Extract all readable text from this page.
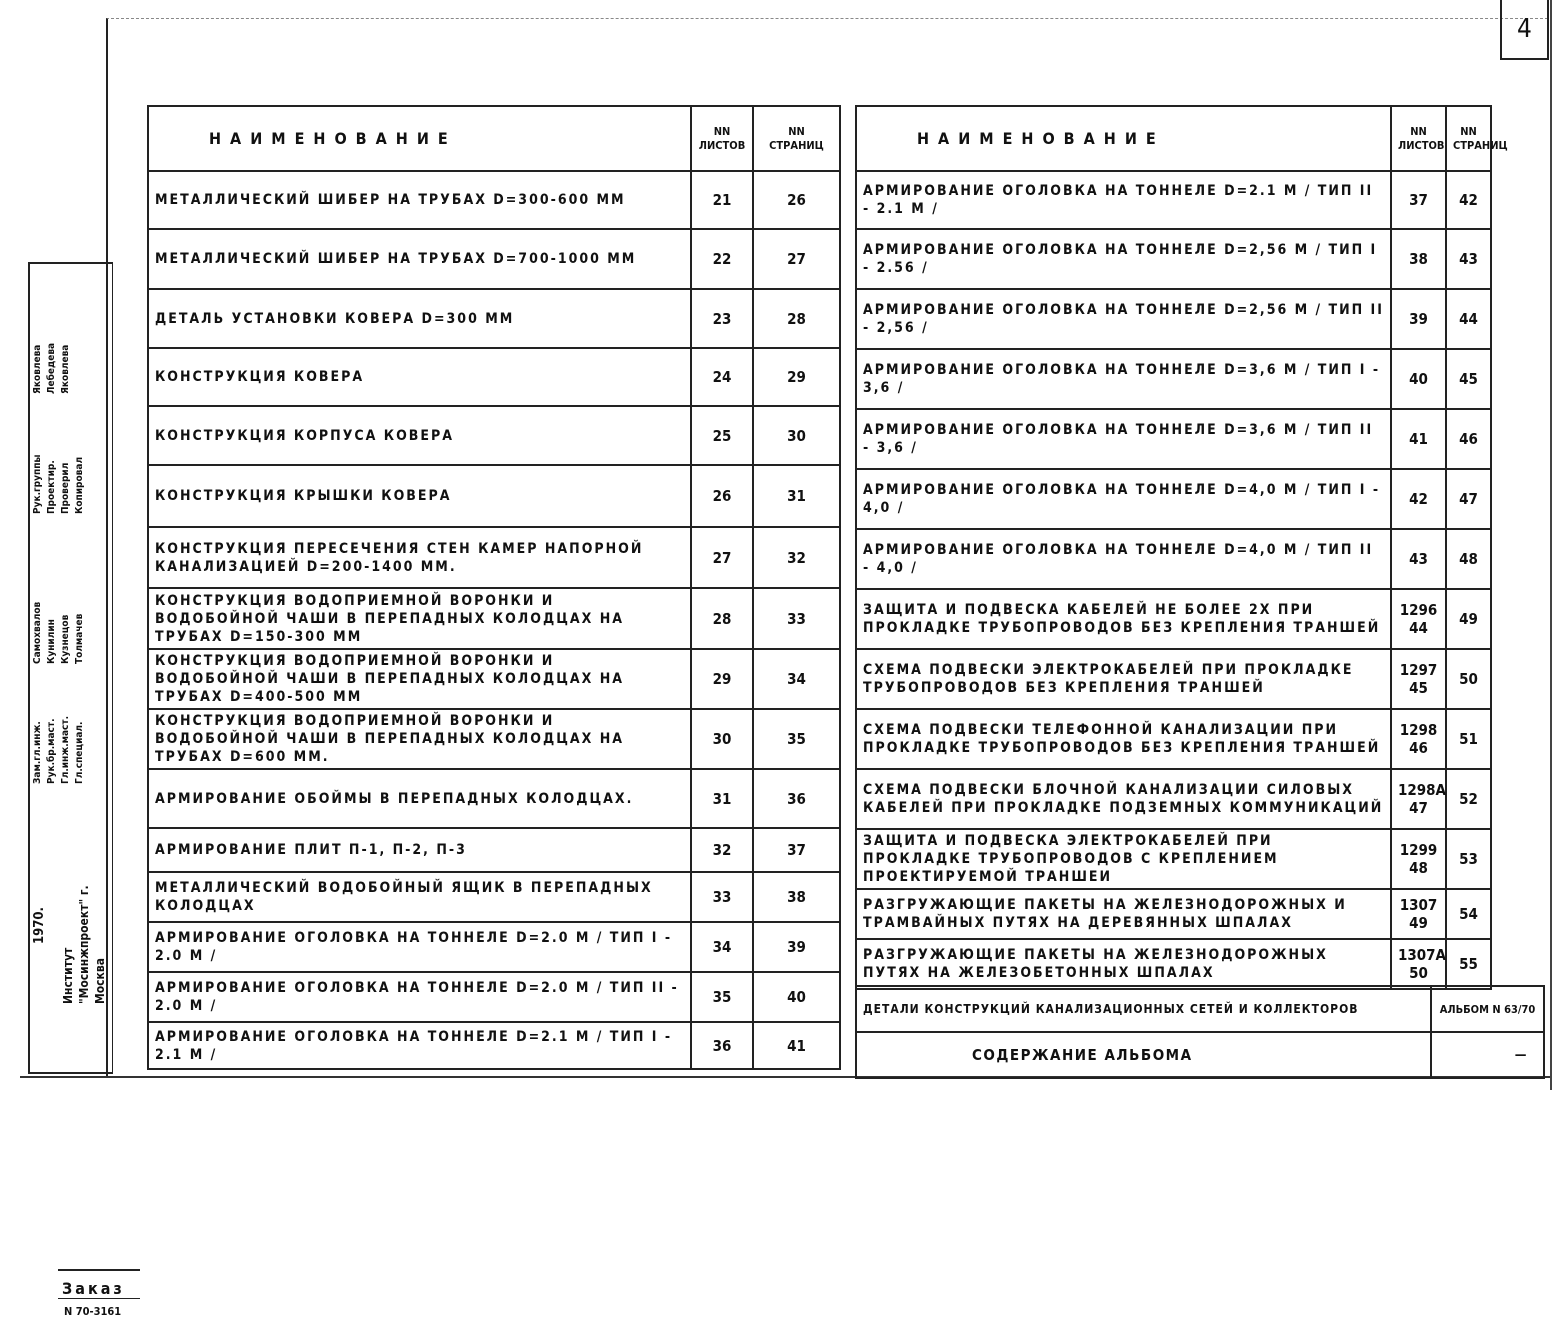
4
НАИМЕНОВАНИЕ	NN ЛИСТОВ	NN СТРАНИЦ
МЕТАЛЛИЧЕСКИЙ ШИБЕР НА ТРУБАХ D=300-600 ММ	21	26
МЕТАЛЛИЧЕСКИЙ ШИБЕР НА ТРУБАХ D=700-1000 ММ	22	27
ДЕТАЛЬ УСТАНОВКИ КОВЕРА D=300 ММ	23	28
КОНСТРУКЦИЯ КОВЕРА	24	29
КОНСТРУКЦИЯ КОРПУСА КОВЕРА	25	30
КОНСТРУКЦИЯ КРЫШКИ КОВЕРА	26	31
КОНСТРУКЦИЯ ПЕРЕСЕЧЕНИЯ СТЕН КАМЕР НАПОРНОЙ КАНАЛИЗАЦИЕЙ D=200-1400 ММ.	27	32
КОНСТРУКЦИЯ ВОДОПРИЕМНОЙ ВОРОНКИ И ВОДОБОЙНОЙ ЧАШИ В ПЕРЕПАДНЫХ КОЛОДЦАХ НА ТРУБАХ D=150-300 ММ	28	33
КОНСТРУКЦИЯ ВОДОПРИЕМНОЙ ВОРОНКИ И ВОДОБОЙНОЙ ЧАШИ В ПЕРЕПАДНЫХ КОЛОДЦАХ НА ТРУБАХ D=400-500 ММ	29	34
КОНСТРУКЦИЯ ВОДОПРИЕМНОЙ ВОРОНКИ И ВОДОБОЙНОЙ ЧАШИ В ПЕРЕПАДНЫХ КОЛОДЦАХ НА ТРУБАХ D=600 ММ.	30	35
АРМИРОВАНИЕ ОБОЙМЫ В ПЕРЕПАДНЫХ КОЛОДЦАХ.	31	36
АРМИРОВАНИЕ ПЛИТ П-1, П-2, П-3	32	37
МЕТАЛЛИЧЕСКИЙ ВОДОБОЙНЫЙ ЯЩИК В ПЕРЕПАДНЫХ КОЛОДЦАХ	33	38
АРМИРОВАНИЕ ОГОЛОВКА НА ТОННЕЛЕ D=2.0 М / ТИП I - 2.0 М /	34	39
АРМИРОВАНИЕ ОГОЛОВКА НА ТОННЕЛЕ D=2.0 М / ТИП II - 2.0 М /	35	40
АРМИРОВАНИЕ ОГОЛОВКА НА ТОННЕЛЕ D=2.1 М / ТИП I - 2.1 М /	36	41
НАИМЕНОВАНИЕ	NN ЛИСТОВ	NN СТРАНИЦ
АРМИРОВАНИЕ ОГОЛОВКА НА ТОННЕЛЕ D=2.1 М / ТИП II - 2.1 М /	37	42
АРМИРОВАНИЕ ОГОЛОВКА НА ТОННЕЛЕ D=2,56 М / ТИП I - 2.56 /	38	43
АРМИРОВАНИЕ ОГОЛОВКА НА ТОННЕЛЕ D=2,56 М / ТИП II - 2,56 /	39	44
АРМИРОВАНИЕ ОГОЛОВКА НА ТОННЕЛЕ D=3,6 М / ТИП I - 3,6 /	40	45
АРМИРОВАНИЕ ОГОЛОВКА НА ТОННЕЛЕ D=3,6 М / ТИП II - 3,6 /	41	46
АРМИРОВАНИЕ ОГОЛОВКА НА ТОННЕЛЕ D=4,0 М / ТИП I - 4,0 /	42	47
АРМИРОВАНИЕ ОГОЛОВКА НА ТОННЕЛЕ D=4,0 М / ТИП II - 4,0 /	43	48
ЗАЩИТА И ПОДВЕСКА КАБЕЛЕЙ НЕ БОЛЕЕ 2Х ПРИ ПРОКЛАДКЕ ТРУБОПРОВОДОВ БЕЗ КРЕПЛЕНИЯ ТРАНШЕЙ	1296 44	49
СХЕМА ПОДВЕСКИ ЭЛЕКТРОКАБЕЛЕЙ ПРИ ПРОКЛАДКЕ ТРУБОПРОВОДОВ БЕЗ КРЕПЛЕНИЯ ТРАНШЕЙ	1297 45	50
СХЕМА ПОДВЕСКИ ТЕЛЕФОННОЙ КАНАЛИЗАЦИИ ПРИ ПРОКЛАДКЕ ТРУБОПРОВОДОВ БЕЗ КРЕПЛЕНИЯ ТРАНШЕЙ	1298 46	51
СХЕМА ПОДВЕСКИ БЛОЧНОЙ КАНАЛИЗАЦИИ СИЛОВЫХ КАБЕЛЕЙ ПРИ ПРОКЛАДКЕ ПОДЗЕМНЫХ КОММУНИКАЦИЙ	1298А 47	52
ЗАЩИТА И ПОДВЕСКА ЭЛЕКТРОКАБЕЛЕЙ ПРИ ПРОКЛАДКЕ ТРУБОПРОВОДОВ С КРЕПЛЕНИЕМ ПРОЕКТИРУЕМОЙ ТРАНШЕИ	1299 48	53
РАЗГРУЖАЮЩИЕ ПАКЕТЫ НА ЖЕЛЕЗНОДОРОЖНЫХ И ТРАМВАЙНЫХ ПУТЯХ НА ДЕРЕВЯННЫХ ШПАЛАХ	1307 49	54
РАЗГРУЖАЮЩИЕ ПАКЕТЫ НА ЖЕЛЕЗНОДОРОЖНЫХ ПУТЯХ НА ЖЕЛЕЗОБЕТОННЫХ ШПАЛАХ	1307А 50	55
ДЕТАЛИ КОНСТРУКЦИЙ КАНАЛИЗАЦИОННЫХ СЕТЕЙ И КОЛЛЕКТОРОВ	АЛЬБОМ N 63/70
СОДЕРЖАНИЕ АЛЬБОМА	—
Зам.гл.инж.
Самохвалов
Рук.группы
Яковлева
Рук.бр.маст.
Кунилин
Проектир.
Лебедева
Гл.инж.маст.
Кузнецов
Проверил
Яковлева
Гл.специал.
Толмачев
Копировал
1970.
Институт "Мосинжпроект" г. Москва
Заказ
N 70-3161
